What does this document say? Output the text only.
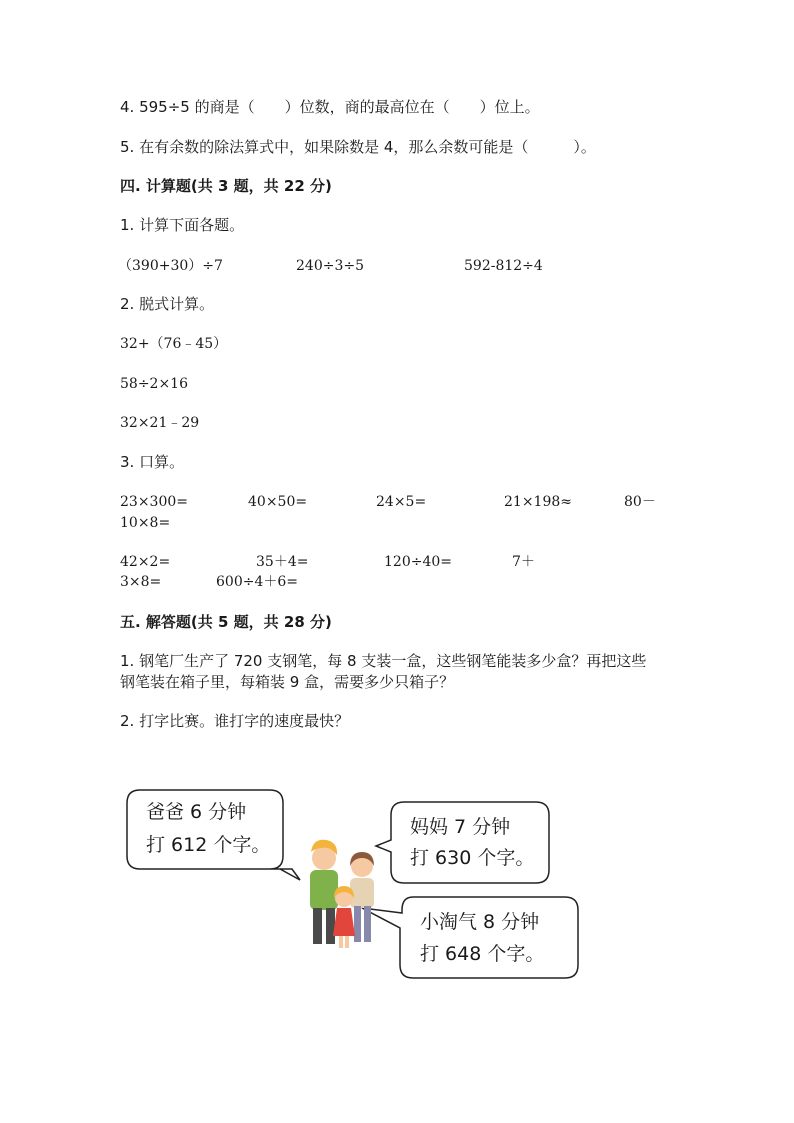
4. 595÷5 的商是（　　）位数，商的最高位在（　　）位上。
5. 在有余数的除法算式中，如果除数是 4，那么余数可能是（　　　）。
四. 计算题(共 3 题，共 22 分)
1. 计算下面各题。
（390+30）÷7	240÷3÷5	592-812÷4
2. 脱式计算。
32+（76﹣45）
58÷2×16
32×21﹣29
3. 口算。
23×300=	40×50=	24×5=	21×198≈	80－
10×8=
42×2=	35＋4=	120÷40=	7＋
3×8=	600÷4＋6=
五. 解答题(共 5 题，共 28 分)
1. 钢笔厂生产了 720 支钢笔，每 8 支装一盒，这些钢笔能装多少盒？再把这些
钢笔装在箱子里，每箱装 9 盒，需要多少只箱子？
2. 打字比赛。谁打字的速度最快？
爸爸 6 分钟
打 612 个字。
妈妈 7 分钟
打 630 个字。
小淘气 8 分钟
打 648 个字。
